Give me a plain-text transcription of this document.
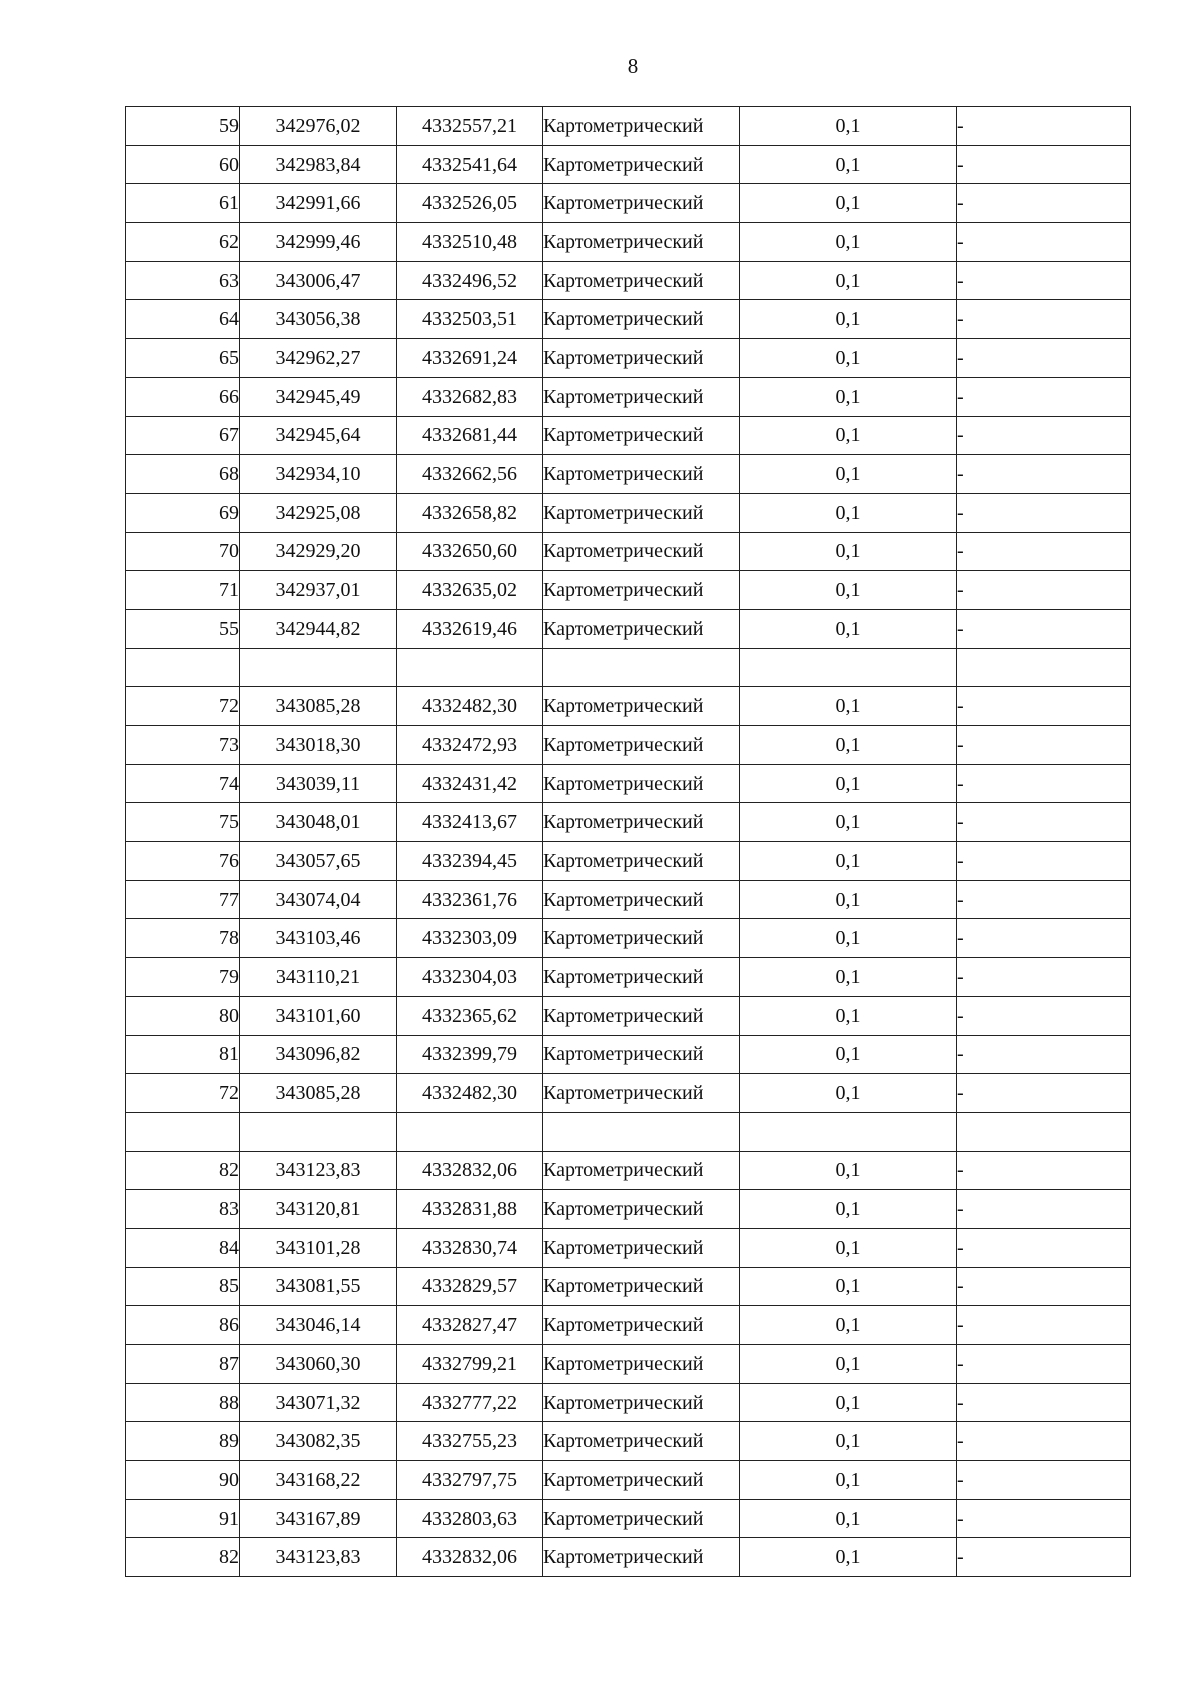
8
59	342976,02	4332557,21	Картометрический	0,1	-
60	342983,84	4332541,64	Картометрический	0,1	-
61	342991,66	4332526,05	Картометрический	0,1	-
62	342999,46	4332510,48	Картометрический	0,1	-
63	343006,47	4332496,52	Картометрический	0,1	-
64	343056,38	4332503,51	Картометрический	0,1	-
65	342962,27	4332691,24	Картометрический	0,1	-
66	342945,49	4332682,83	Картометрический	0,1	-
67	342945,64	4332681,44	Картометрический	0,1	-
68	342934,10	4332662,56	Картометрический	0,1	-
69	342925,08	4332658,82	Картометрический	0,1	-
70	342929,20	4332650,60	Картометрический	0,1	-
71	342937,01	4332635,02	Картометрический	0,1	-
55	342944,82	4332619,46	Картометрический	0,1	-

72	343085,28	4332482,30	Картометрический	0,1	-
73	343018,30	4332472,93	Картометрический	0,1	-
74	343039,11	4332431,42	Картометрический	0,1	-
75	343048,01	4332413,67	Картометрический	0,1	-
76	343057,65	4332394,45	Картометрический	0,1	-
77	343074,04	4332361,76	Картометрический	0,1	-
78	343103,46	4332303,09	Картометрический	0,1	-
79	343110,21	4332304,03	Картометрический	0,1	-
80	343101,60	4332365,62	Картометрический	0,1	-
81	343096,82	4332399,79	Картометрический	0,1	-
72	343085,28	4332482,30	Картометрический	0,1	-

82	343123,83	4332832,06	Картометрический	0,1	-
83	343120,81	4332831,88	Картометрический	0,1	-
84	343101,28	4332830,74	Картометрический	0,1	-
85	343081,55	4332829,57	Картометрический	0,1	-
86	343046,14	4332827,47	Картометрический	0,1	-
87	343060,30	4332799,21	Картометрический	0,1	-
88	343071,32	4332777,22	Картометрический	0,1	-
89	343082,35	4332755,23	Картометрический	0,1	-
90	343168,22	4332797,75	Картометрический	0,1	-
91	343167,89	4332803,63	Картометрический	0,1	-
82	343123,83	4332832,06	Картометрический	0,1	-
